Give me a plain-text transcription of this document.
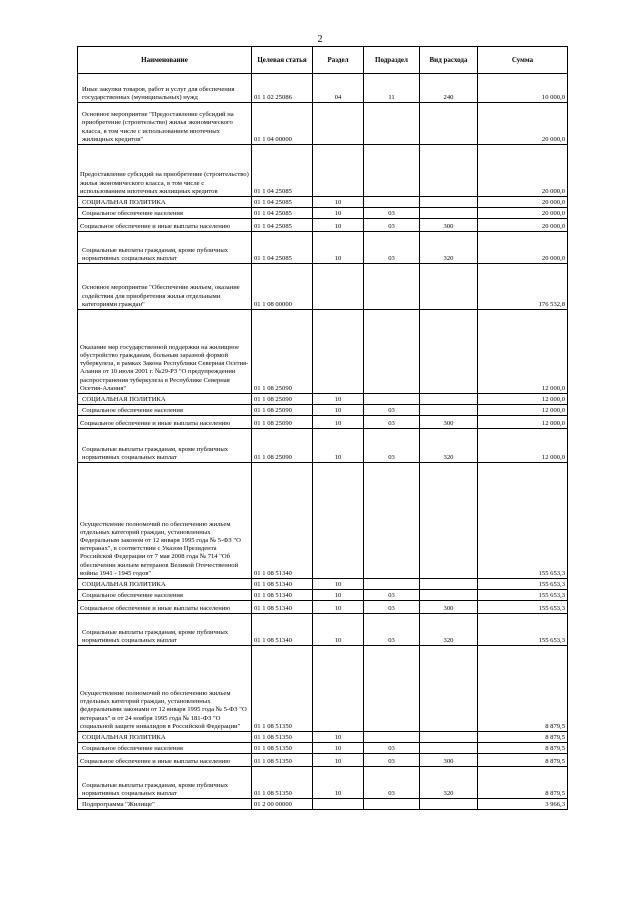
2
Наименование	Целевая статья	Раздел	Подраздел	Вид расхода	Сумма
Иные закупки товаров, работ и услуг для обеспечения государственных (муниципальных) нужд	01 1 02 25086	04	11	240	10 000,0
Основное мероприятие "Предоставление субсидий на приобретение (строительство) жилья экономического класса, в том числе с использованием ипотечных жилищных кредитов"	01 1 04 00000				20 000,0
Предоставление субсидий на приобретение (строительство) жилья экономического класса, в том числе с использованием ипотечных жилищных кредитов	01 1 04 25085				20 000,0
СОЦИАЛЬНАЯ ПОЛИТИКА	01 1 04 25085	10			20 000,0
Социальное обеспечение населения	01 1 04 25085	10	03		20 000,0
Социальное обеспечение и иные выплаты населению	01 1 04 25085	10	03	300	20 000,0
Социальные выплаты гражданам, кроме публичных нормативных социальных выплат	01 1 04 25085	10	03	320	20 000,0
Основное мероприятие "Обеспечение жильем, оказание содействия для приобретения жилья отдельными категориями граждан"	01 1 08 00000				176 532,8
Оказание мер государственной поддержки на жилищное обустройство гражданам, больным заразной формой туберкулеза, в рамках Закона Республики Северная Осетия-Алания от 10 июля 2001 г. №29-РЗ "О предупреждении распространения туберкулеза в Республике Северная Осетия-Алания"	01 1 08 25090				12 000,0
СОЦИАЛЬНАЯ ПОЛИТИКА	01 1 08 25090	10			12 000,0
Социальное обеспечение населения	01 1 08 25090	10	03		12 000,0
Социальное обеспечение и иные выплаты населению	01 1 08 25090	10	03	300	12 000,0
Социальные выплаты гражданам, кроме публичных нормативных социальных выплат	01 1 08 25090	10	03	320	12 000,0
Осуществление полномочий по обеспечению жильем отдельных категорий граждан, установленных Федеральным законом от 12 января 1995 года № 5-ФЗ "О ветеранах", в соответствии с Указом Президента Российской Федерации от 7 мая 2008 года № 714 "Об обеспечении жильем ветеранов Великой Отечественной войны 1941 - 1945 годов"	01 1 08 51340				155 653,3
СОЦИАЛЬНАЯ ПОЛИТИКА	01 1 08 51340	10			155 653,3
Социальное обеспечение населения	01 1 08 51340	10	03		155 653,3
Социальное обеспечение и иные выплаты населению	01 1 08 51340	10	03	300	155 653,3
Социальные выплаты гражданам, кроме публичных нормативных социальных выплат	01 1 08 51340	10	03	320	155 653,3
Осуществление полномочий по обеспечению жильем отдельных категорий граждан, установленных федеральными законами от 12 января 1995 года № 5-ФЗ "О ветеранах" и от 24 ноября 1995 года № 181-ФЗ "О социальной защите инвалидов в Российской Федерации"	01 1 08 51350				8 879,5
СОЦИАЛЬНАЯ ПОЛИТИКА	01 1 08 51350	10			8 879,5
Социальное обеспечение населения	01 1 08 51350	10	03		8 879,5
Социальное обеспечение и иные выплаты населению	01 1 08 51350	10	03	300	8 879,5
Социальные выплаты гражданам, кроме публичных нормативных социальных выплат	01 1 08 51350	10	03	320	8 879,5
Подпрограмма "Жилище"	01 2 00 00000				3 966,3
